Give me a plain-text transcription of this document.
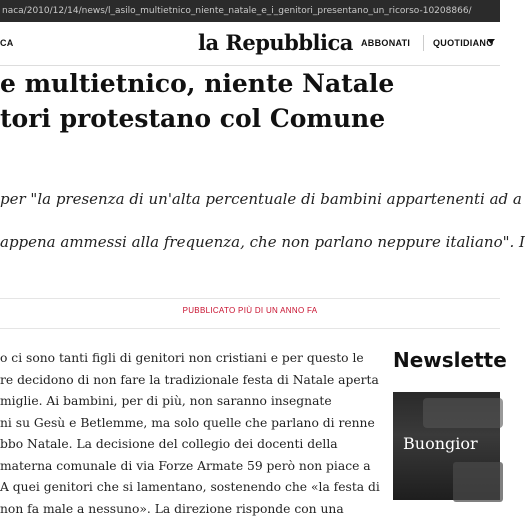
naca/2010/12/14/news/l_asilo_multietnico_niente_natale_e_i_genitori_presentano_un_ricorso-10208866/
CA	la Repubblica ABBONATI	QUOTIDIANO
e multietnico, niente Natale
tori protestano col Comune
per "la presenza di un'alta percentuale di bambini appartenenti ad a
appena ammessi alla frequenza, che non parlano neppure italiano". I
PUBBLICATO PIÙ DI UN ANNO FA
o ci sono tanti figli di genitori non cristiani e per questo le
re decidono di non fare la tradizionale festa di Natale aperta
miglie. Ai bambini, per di più, non saranno insegnate
ni su Gesù e Betlemme, ma solo quelle che parlano di renne
bbo Natale. La decisione del collegio dei docenti della
materna comunale di via Forze Armate 59 però non piace a
A quei genitori che si lamentano, sostenendo che «la festa di
non fa male a nessuno». La direzione risponde con una
Newslette
Buongior
